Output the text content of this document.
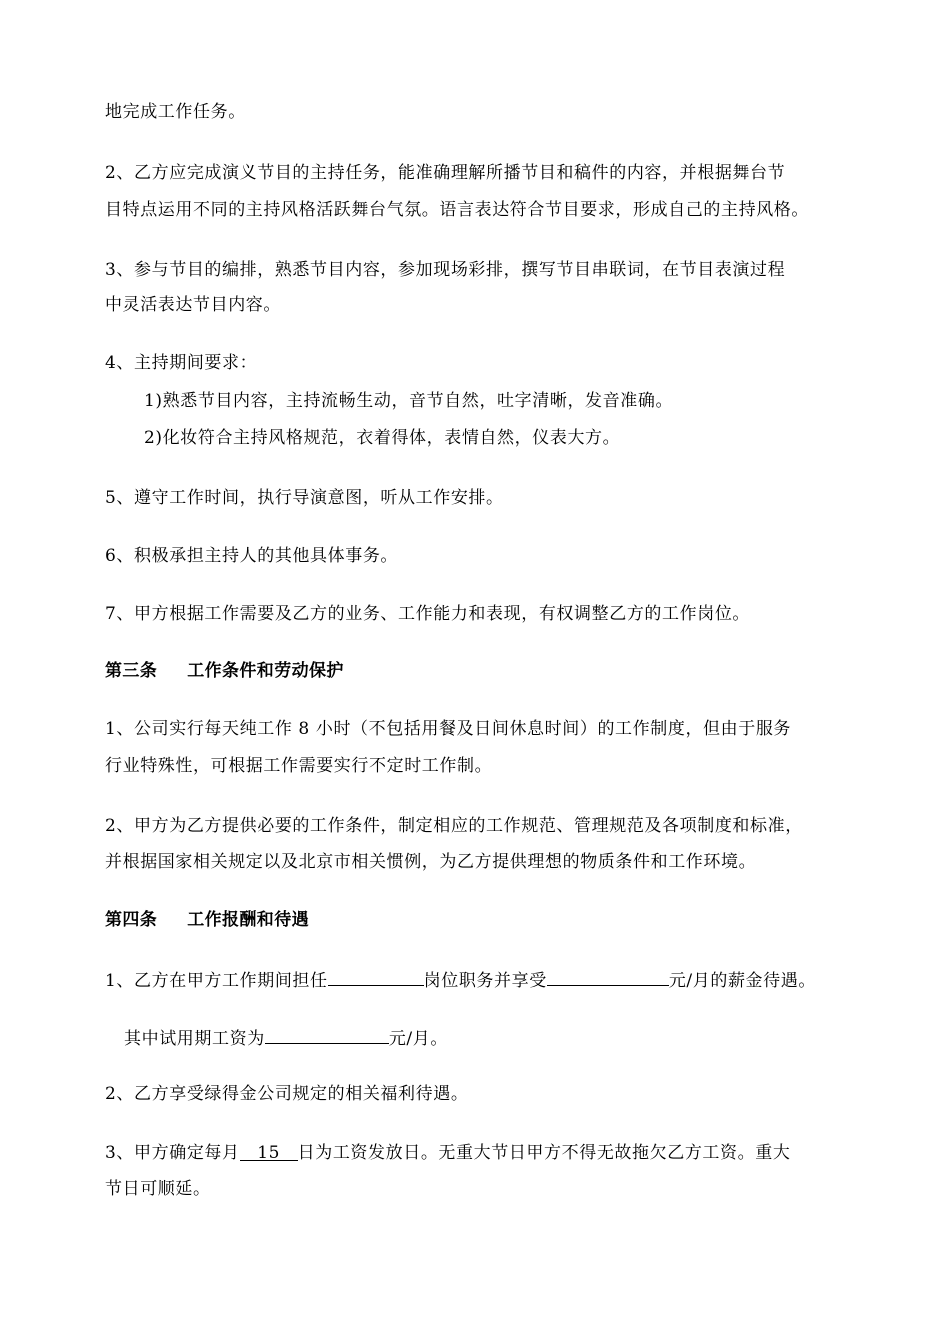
地完成工作任务。
2、乙方应完成演义节目的主持任务，能准确理解所播节目和稿件的内容，并根据舞台节
目特点运用不同的主持风格活跃舞台气氛。语言表达符合节目要求，形成自己的主持风格。
3、参与节目的编排，熟悉节目内容，参加现场彩排，撰写节目串联词，在节目表演过程
中灵活表达节目内容。
4、主持期间要求：
1)熟悉节目内容，主持流畅生动，音节自然，吐字清晰，发音准确。
2)化妆符合主持风格规范，衣着得体，表情自然，仪表大方。
5、遵守工作时间，执行导演意图，听从工作安排。
6、积极承担主持人的其他具体事务。
7、甲方根据工作需要及乙方的业务、工作能力和表现，有权调整乙方的工作岗位。
第三条 工作条件和劳动保护
1、公司实行每天纯工作 8 小时（不包括用餐及日间休息时间）的工作制度，但由于服务
行业特殊性，可根据工作需要实行不定时工作制。
2、甲方为乙方提供必要的工作条件，制定相应的工作规范、管理规范及各项制度和标准，
并根据国家相关规定以及北京市相关惯例，为乙方提供理想的物质条件和工作环境。
第四条 工作报酬和待遇
1、乙方在甲方工作期间担任	岗位职务并享受	元/月的薪金待遇。
其中试用期工资为	元/月。
2、乙方享受绿得金公司规定的相关福利待遇。
3、甲方确定每月 15 日为工资发放日。无重大节日甲方不得无故拖欠乙方工资。重大
节日可顺延。
